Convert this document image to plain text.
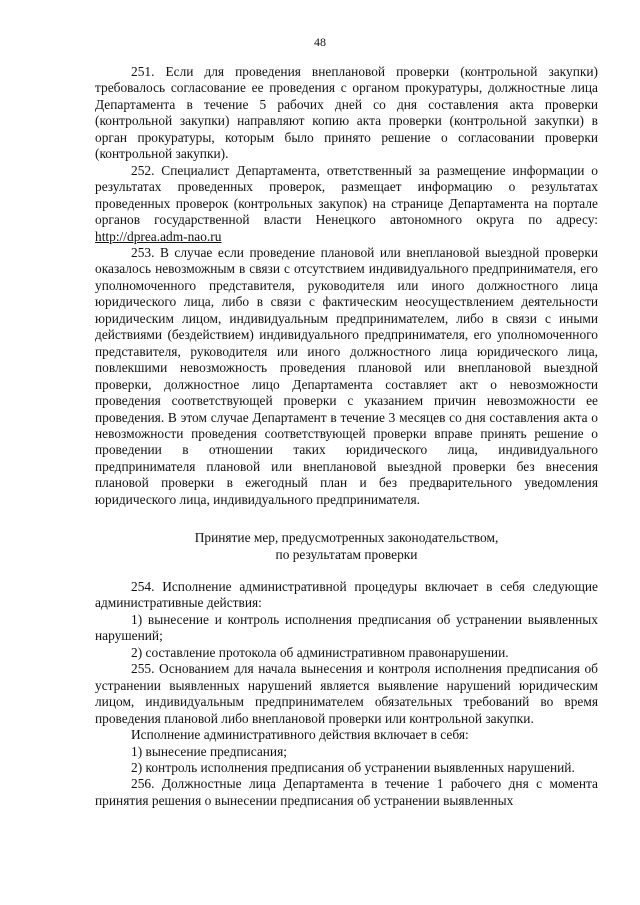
48

251. Если для проведения внеплановой проверки (контрольной закупки) требовалось согласование ее проведения с органом прокуратуры, должностные лица Департамента в течение 5 рабочих дней со дня составления акта проверки (контрольной закупки) направляют копию акта проверки (контрольной закупки) в орган прокуратуры, которым было принято решение о согласовании проверки (контрольной закупки).

252. Специалист Департамента, ответственный за размещение информации о результатах проведенных проверок, размещает информацию о результатах проведенных проверок (контрольных закупок) на странице Департамента на портале органов государственной власти Ненецкого автономного округа по адресу: http://dprea.adm-nao.ru

253. В случае если проведение плановой или внеплановой выездной проверки оказалось невозможным в связи с отсутствием индивидуального предпринимателя, его уполномоченного представителя, руководителя или иного должностного лица юридического лица, либо в связи с фактическим неосуществлением деятельности юридическим лицом, индивидуальным предпринимателем, либо в связи с иными действиями (бездействием) индивидуального предпринимателя, его уполномоченного представителя, руководителя или иного должностного лица юридического лица, повлекшими невозможность проведения плановой или внеплановой выездной проверки, должностное лицо Департамента составляет акт о невозможности проведения соответствующей проверки с указанием причин невозможности ее проведения. В этом случае Департамент в течение 3 месяцев со дня составления акта о невозможности проведения соответствующей проверки вправе принять решение о проведении в отношении таких юридического лица, индивидуального предпринимателя плановой или внеплановой выездной проверки без внесения плановой проверки в ежегодный план и без предварительного уведомления юридического лица, индивидуального предпринимателя.

Принятие мер, предусмотренных законодательством,
по результатам проверки

254. Исполнение административной процедуры включает в себя следующие административные действия:

1) вынесение и контроль исполнения предписания об устранении выявленных нарушений;

2) составление протокола об административном правонарушении.

255. Основанием для начала вынесения и контроля исполнения предписания об устранении выявленных нарушений является выявление нарушений юридическим лицом, индивидуальным предпринимателем обязательных требований во время проведения плановой либо внеплановой проверки или контрольной закупки.

Исполнение административного действия включает в себя:

1) вынесение предписания;

2) контроль исполнения предписания об устранении выявленных нарушений.

256. Должностные лица Департамента в течение 1 рабочего дня с момента принятия решения о вынесении предписания об устранении выявленных
